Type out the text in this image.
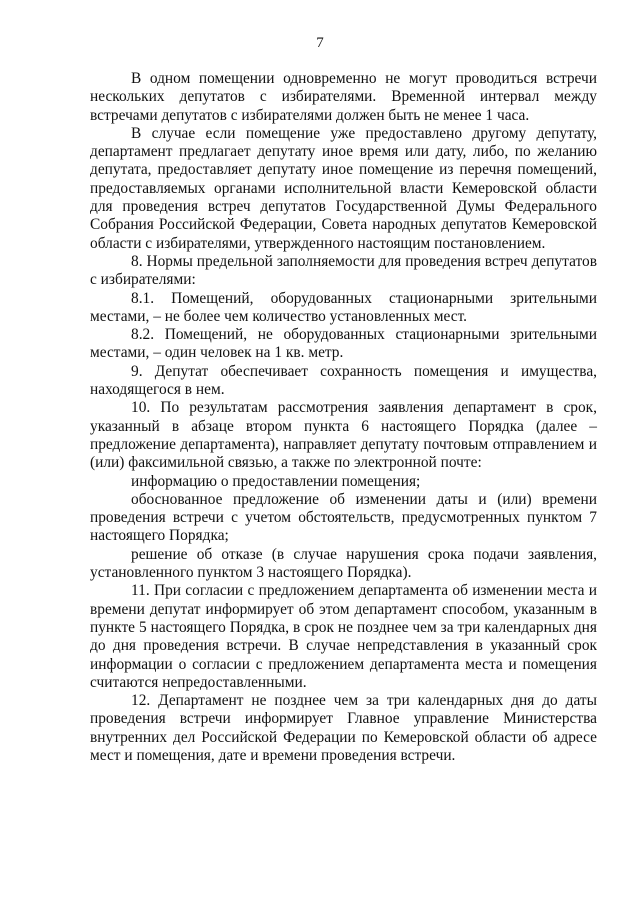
7

В одном помещении одновременно не могут проводиться встречи нескольких депутатов с избирателями. Временной интервал между встречами депутатов с избирателями должен быть не менее 1 часа.

В случае если помещение уже предоставлено другому депутату, департамент предлагает депутату иное время или дату, либо, по желанию депутата, предоставляет депутату иное помещение из перечня помещений, предоставляемых органами исполнительной власти Кемеровской области для проведения встреч депутатов Государственной Думы Федерального Собрания Российской Федерации, Совета народных депутатов Кемеровской области с избирателями, утвержденного настоящим постановлением.

8. Нормы предельной заполняемости для проведения встреч депутатов с избирателями:

8.1. Помещений, оборудованных стационарными зрительными местами, – не более чем количество установленных мест.

8.2. Помещений, не оборудованных стационарными зрительными местами, – один человек на 1 кв. метр.

9. Депутат обеспечивает сохранность помещения и имущества, находящегося в нем.

10. По результатам рассмотрения заявления департамент в срок, указанный в абзаце втором пункта 6 настоящего Порядка (далее – предложение департамента), направляет депутату почтовым отправлением и (или) факсимильной связью, а также по электронной почте:

информацию о предоставлении помещения;

обоснованное предложение об изменении даты и (или) времени проведения встречи с учетом обстоятельств, предусмотренных пунктом 7 настоящего Порядка;

решение об отказе (в случае нарушения срока подачи заявления, установленного пунктом 3 настоящего Порядка).

11. При согласии с предложением департамента об изменении места и времени депутат информирует об этом департамент способом, указанным в пункте 5 настоящего Порядка, в срок не позднее чем за три календарных дня до дня проведения встречи. В случае непредставления в указанный срок информации о согласии с предложением департамента места и помещения считаются непредоставленными.

12. Департамент не позднее чем за три календарных дня до даты проведения встречи информирует Главное управление Министерства внутренних дел Российской Федерации по Кемеровской области об адресе мест и помещения, дате и времени проведения встречи.
